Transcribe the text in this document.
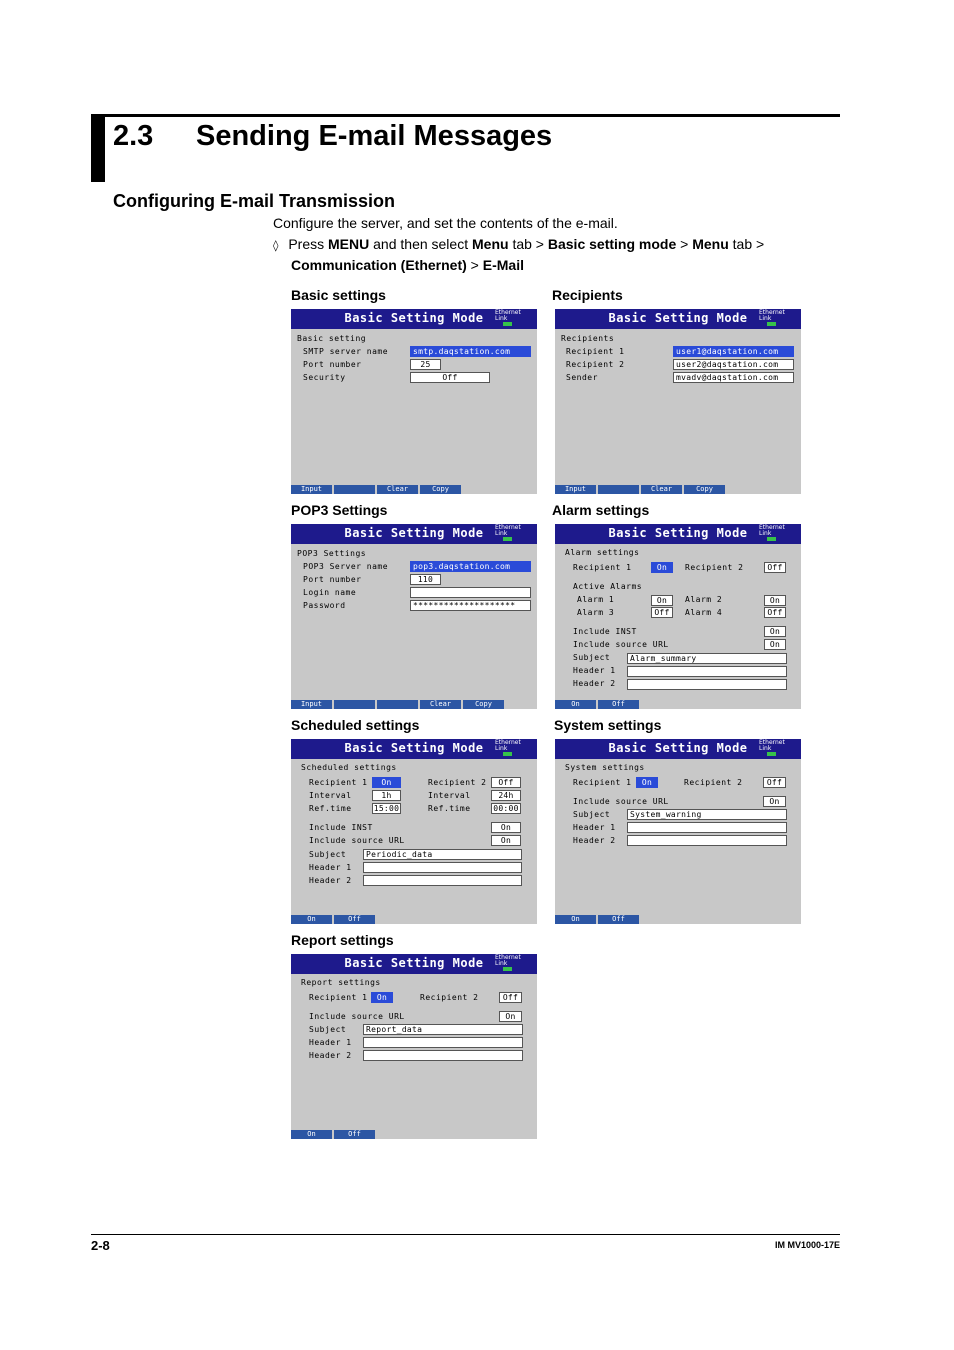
2.3 Sending E-mail Messages
Configuring E-mail Transmission
Configure the server, and set the contents of the e-mail.
◊ Press MENU and then select Menu tab > Basic setting mode > Menu tab >
Communication (Ethernet) > E-Mail
Basic settings	Recipients
POP3 Settings	Alarm settings
Scheduled settings	System settings
Report settings
Basic Setting Mode	Ethernet
Link
Basic setting
SMTP server name	smtp.daqstation.com
Port number	25
Security	Off
Input	Clear	Copy
Basic Setting Mode	Ethernet
Link
Recipients
Recipient 1	user1@daqstation.com
Recipient 2	user2@daqstation.com
Sender	mvadv@daqstation.com
Input	Clear	Copy
Basic Setting Mode	Ethernet
Link
POP3 Settings
POP3 Server name	pop3.daqstation.com
Port number	110
Login name
Password	********************
Input	Clear	Copy
Basic Setting Mode	Ethernet
Link
Alarm settings
Recipient 1	On	Recipient 2	Off
Active Alarms
Alarm 1	On	Alarm 2	On
Alarm 3	Off	Alarm 4	Off
Include INST	On
Include source URL	On
Subject	Alarm_summary
Header 1
Header 2
On	Off
Basic Setting Mode	Ethernet
Link
Scheduled settings
Recipient 1	On	Recipient 2	Off
Interval	1h	Interval	24h
Ref.time	15:00	Ref.time	00:00
Include INST	On
Include source URL	On
Subject	Periodic_data
Header 1
Header 2
On	Off
Basic Setting Mode	Ethernet
Link
System settings
Recipient 1	On	Recipient 2	Off
Include source URL	On
Subject	System_warning
Header 1
Header 2
On	Off
Basic Setting Mode	Ethernet
Link
Report settings
Recipient 1	On	Recipient 2	Off
Include source URL	On
Subject	Report_data
Header 1
Header 2
On	Off
2-8	IM MV1000-17E
